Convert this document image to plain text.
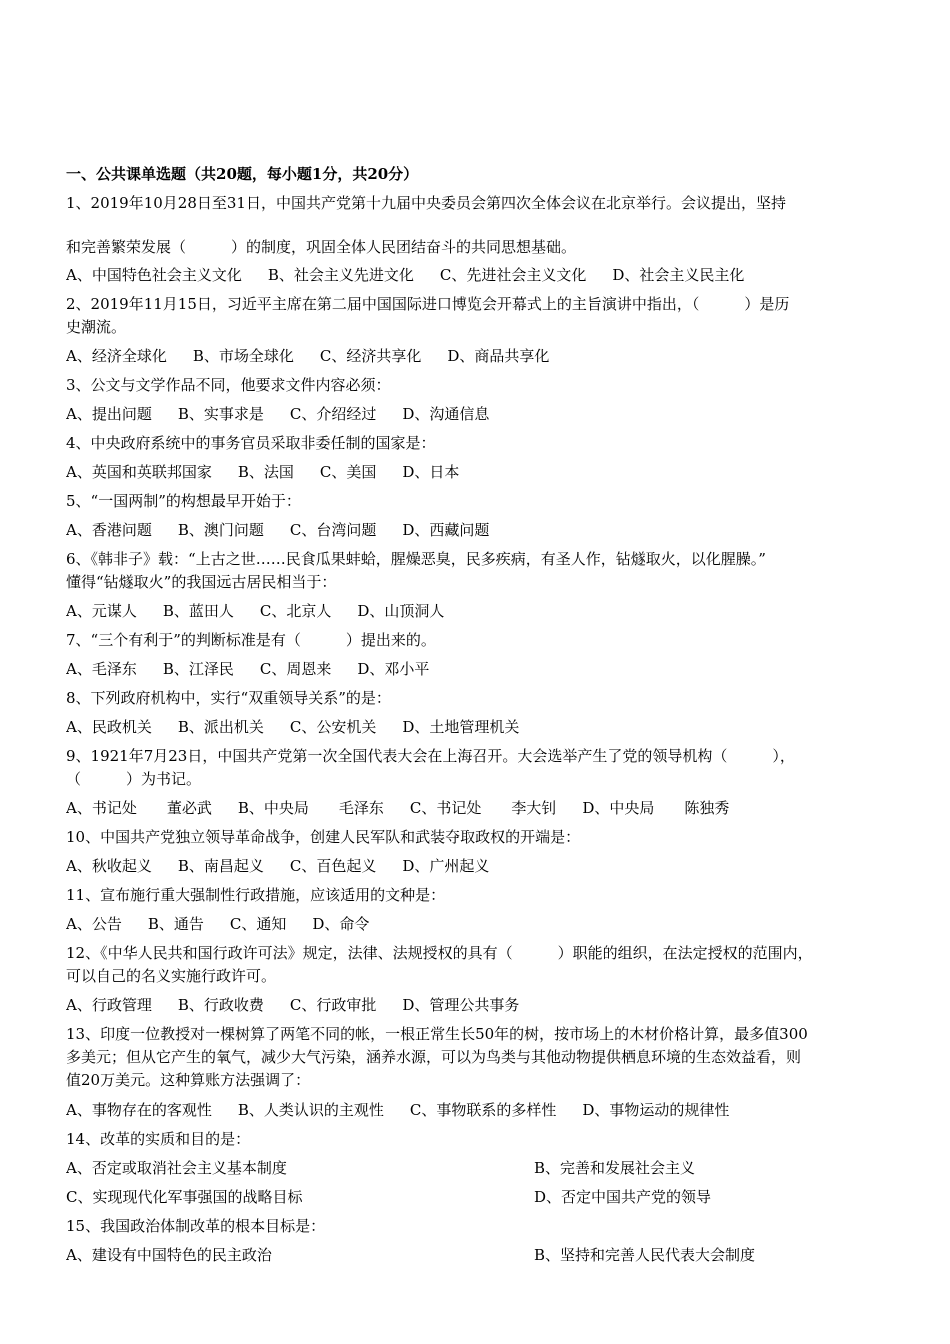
一、公共课单选题（共20题，每小题1分，共20分）
1、2019年10月28日至31日，中国共产党第十九届中央委员会第四次全体会议在北京举行。会议提出，坚持
和完善繁荣发展（　　　）的制度，巩固全体人民团结奋斗的共同思想基础。
A、中国特色社会主义文化 B、社会主义先进文化 C、先进社会主义文化 D、社会主义民主化
2、2019年11月15日，习近平主席在第二届中国国际进口博览会开幕式上的主旨演讲中指出，（　　　）是历
史潮流。
A、经济全球化 B、市场全球化 C、经济共享化 D、商品共享化
3、公文与文学作品不同，他要求文件内容必须：
A、提出问题 B、实事求是 C、介绍经过 D、沟通信息
4、中央政府系统中的事务官员采取非委任制的国家是：
A、英国和英联邦国家 B、法国 C、美国 D、日本
5、“一国两制”的构想最早开始于：
A、香港问题 B、澳门问题 C、台湾问题 D、西藏问题
6、《韩非子》载：“上古之世……民食瓜果蚌蛤，腥燥恶臭，民多疾病，有圣人作，钻燧取火，以化腥臊。”
懂得“钻燧取火”的我国远古居民相当于：
A、元谋人 B、蓝田人 C、北京人 D、山顶洞人
7、“三个有利于”的判断标准是有（　　　）提出来的。
A、毛泽东 B、江泽民 C、周恩来 D、邓小平
8、下列政府机构中，实行“双重领导关系”的是：
A、民政机关 B、派出机关 C、公安机关 D、土地管理机关
9、1921年7月23日，中国共产党第一次全国代表大会在上海召开。大会选举产生了党的领导机构（　　　），
（　　　）为书记。
A、书记处　　董必武 B、中央局　　毛泽东 C、书记处　　李大钊 D、中央局　　陈独秀
10、中国共产党独立领导革命战争，创建人民军队和武装夺取政权的开端是：
A、秋收起义 B、南昌起义 C、百色起义 D、广州起义
11、宣布施行重大强制性行政措施，应该适用的文种是：
A、公告 B、通告 C、通知 D、命令
12、《中华人民共和国行政许可法》规定，法律、法规授权的具有（　　　）职能的组织，在法定授权的范围内，
可以自己的名义实施行政许可。
A、行政管理 B、行政收费 C、行政审批 D、管理公共事务
13、印度一位教授对一棵树算了两笔不同的帐，一根正常生长50年的树，按市场上的木材价格计算，最多值300
多美元；但从它产生的氧气，减少大气污染，涵养水源，可以为鸟类与其他动物提供栖息环境的生态效益看，则
值20万美元。这种算账方法强调了：
A、事物存在的客观性 B、人类认识的主观性 C、事物联系的多样性 D、事物运动的规律性
14、改革的实质和目的是：
A、否定或取消社会主义基本制度	B、完善和发展社会主义
C、实现现代化军事强国的战略目标	D、否定中国共产党的领导
15、我国政治体制改革的根本目标是：
A、建设有中国特色的民主政治	B、坚持和完善人民代表大会制度
